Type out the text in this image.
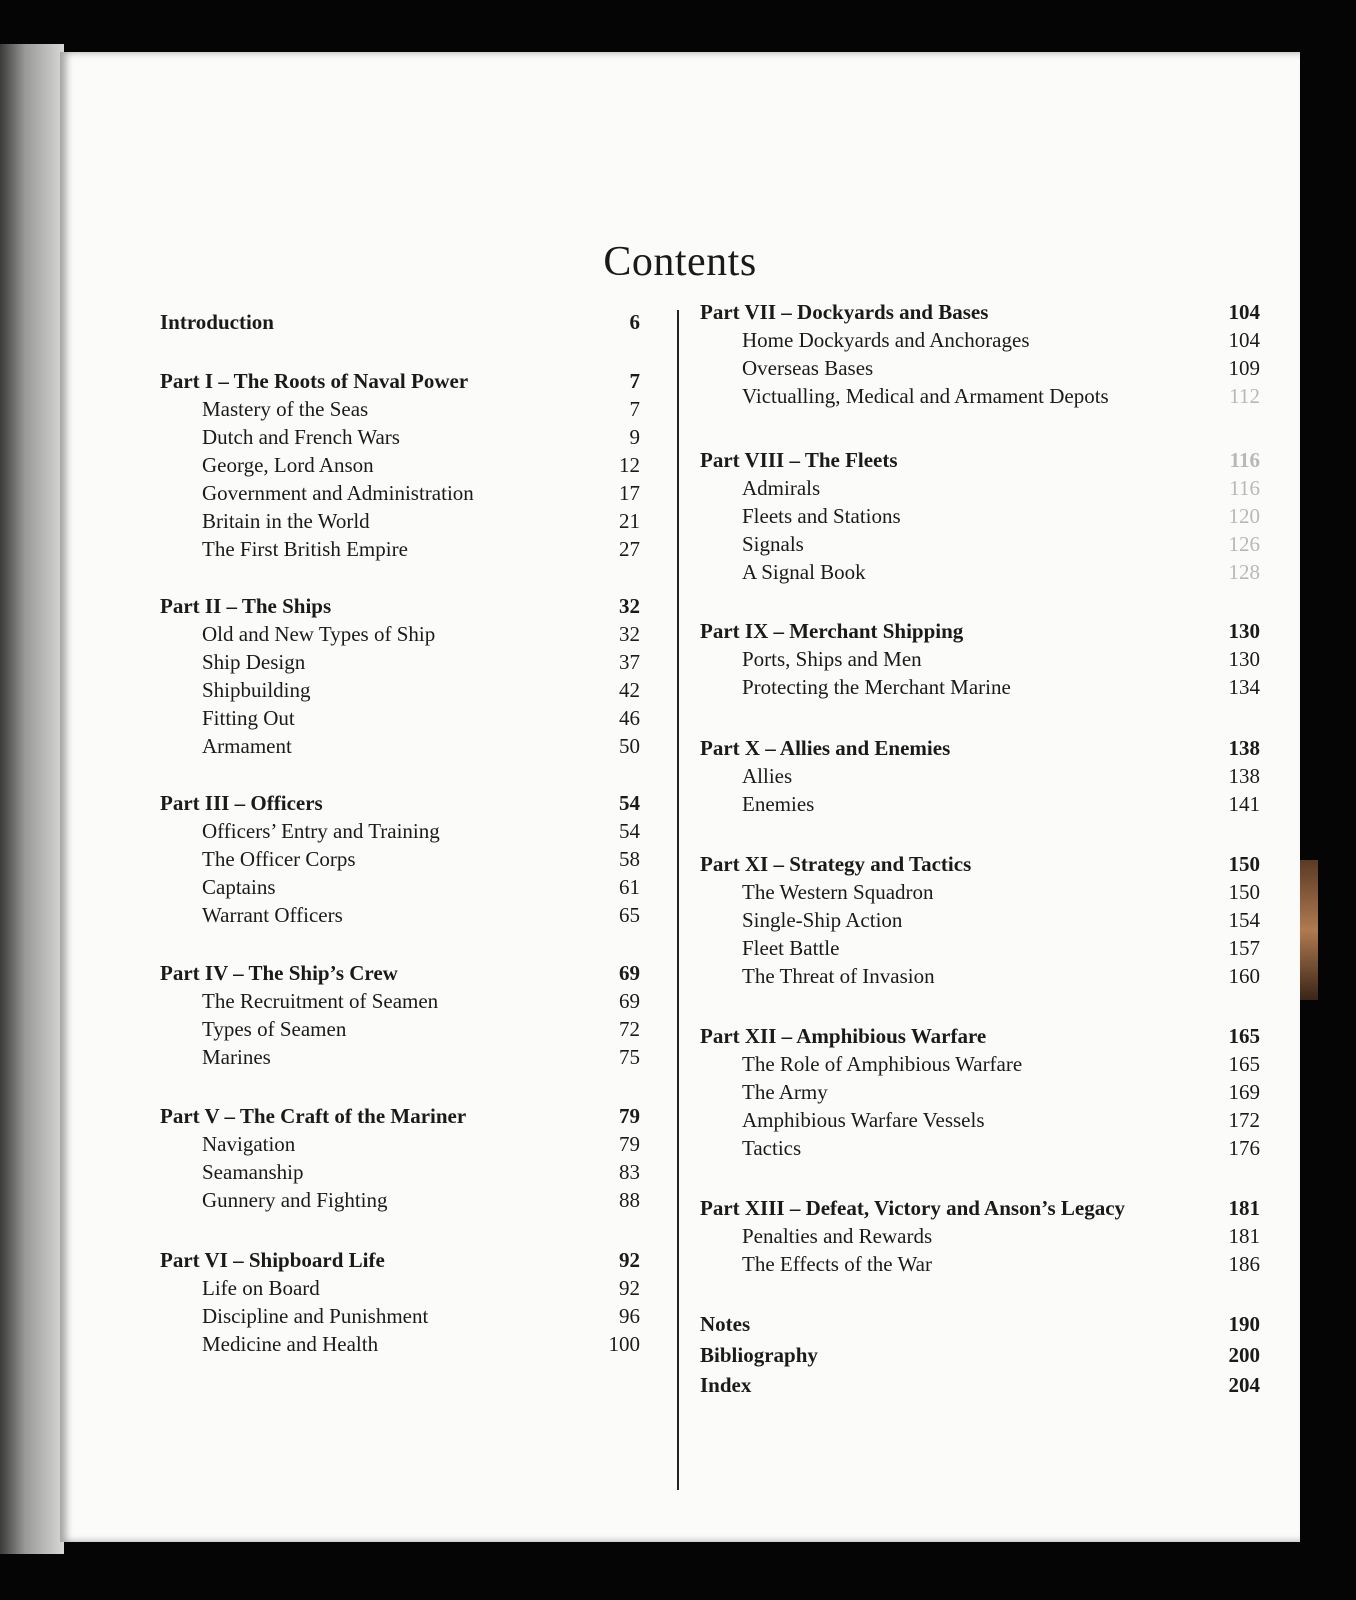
Contents
Introduction	6
Part I – The Roots of Naval Power	7
Mastery of the Seas	7
Dutch and French Wars	9
George, Lord Anson	12
Government and Administration	17
Britain in the World	21
The First British Empire	27
Part II – The Ships	32
Old and New Types of Ship	32
Ship Design	37
Shipbuilding	42
Fitting Out	46
Armament	50
Part III – Officers	54
Officers’ Entry and Training	54
The Officer Corps	58
Captains	61
Warrant Officers	65
Part IV – The Ship’s Crew	69
The Recruitment of Seamen	69
Types of Seamen	72
Marines	75
Part V – The Craft of the Mariner	79
Navigation	79
Seamanship	83
Gunnery and Fighting	88
Part VI – Shipboard Life	92
Life on Board	92
Discipline and Punishment	96
Medicine and Health	100
Part VII – Dockyards and Bases	104
Home Dockyards and Anchorages	104
Overseas Bases	109
Victualling, Medical and Armament Depots	112
Part VIII – The Fleets	116
Admirals	116
Fleets and Stations	120
Signals	126
A Signal Book	128
Part IX – Merchant Shipping	130
Ports, Ships and Men	130
Protecting the Merchant Marine	134
Part X – Allies and Enemies	138
Allies	138
Enemies	141
Part XI – Strategy and Tactics	150
The Western Squadron	150
Single-Ship Action	154
Fleet Battle	157
The Threat of Invasion	160
Part XII – Amphibious Warfare	165
The Role of Amphibious Warfare	165
The Army	169
Amphibious Warfare Vessels	172
Tactics	176
Part XIII – Defeat, Victory and Anson’s Legacy	181
Penalties and Rewards	181
The Effects of the War	186
Notes	190
Bibliography	200
Index	204
